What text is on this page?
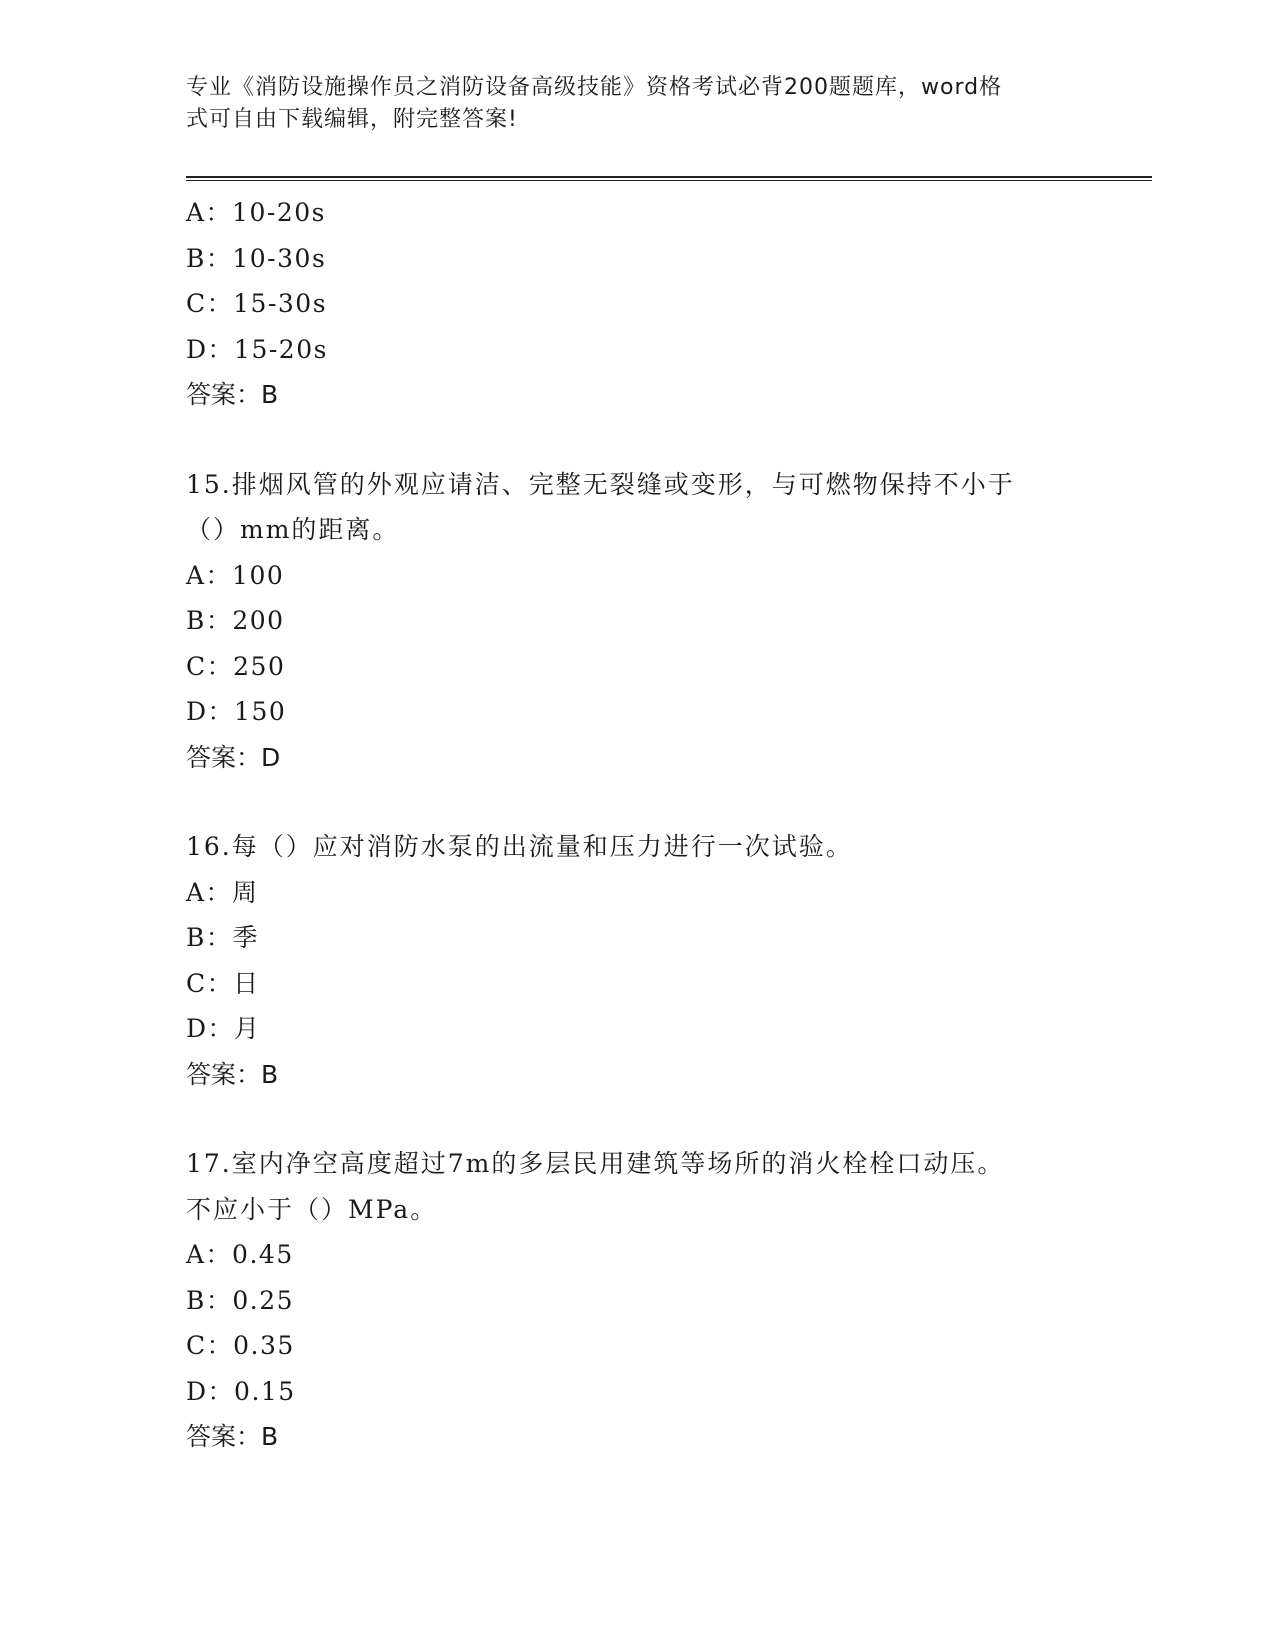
专业《消防设施操作员之消防设备高级技能》资格考试必背200题题库，word格
式可自由下载编辑，附完整答案!
A：10-20s
B：10-30s
C：15-30s
D：15-20s
答案：B
15.排烟风管的外观应请洁、完整无裂缝或变形，与可燃物保持不小于
（）mm的距离。
A：100
B：200
C：250
D：150
答案：D
16.每（）应对消防水泵的出流量和压力进行一次试验。
A：周
B：季
C：日
D：月
答案：B
17.室内净空高度超过7m的多层民用建筑等场所的消火栓栓口动压。
不应小于（）MPa。
A：0.45
B：0.25
C：0.35
D：0.15
答案：B
